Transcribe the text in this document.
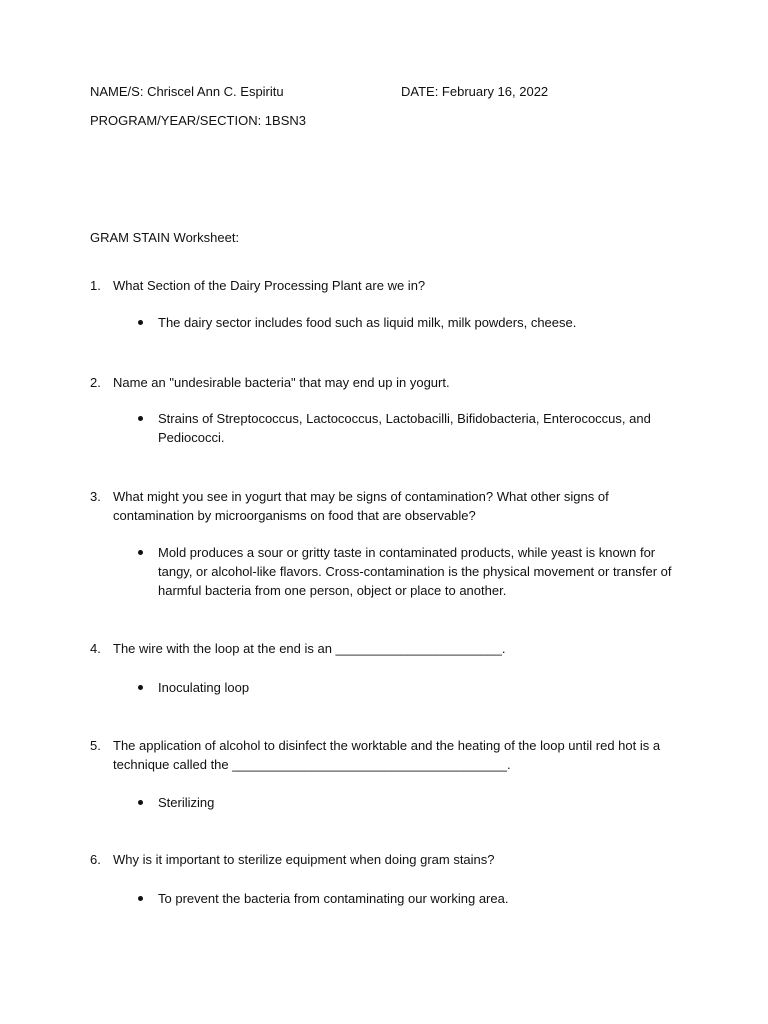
NAME/S: Chriscel Ann C. Espiritu	DATE: February 16, 2022
PROGRAM/YEAR/SECTION: 1BSN3
GRAM STAIN Worksheet:
1. What Section of the Dairy Processing Plant are we in?
The dairy sector includes food such as liquid milk, milk powders, cheese.
2. Name an "undesirable bacteria" that may end up in yogurt.
Strains of Streptococcus, Lactococcus, Lactobacilli, Bifidobacteria, Enterococcus, and
Pediococci.
3. What might you see in yogurt that may be signs of contamination? What other signs of
contamination by microorganisms on food that are observable?
Mold produces a sour or gritty taste in contaminated products, while yeast is known for
tangy, or alcohol-like flavors. Cross-contamination is the physical movement or transfer of
harmful bacteria from one person, object or place to another.
4. The wire with the loop at the end is an _______________________.
Inoculating loop
5. The application of alcohol to disinfect the worktable and the heating of the loop until red hot is a
technique called the ______________________________________.
Sterilizing
6. Why is it important to sterilize equipment when doing gram stains?
To prevent the bacteria from contaminating our working area.
